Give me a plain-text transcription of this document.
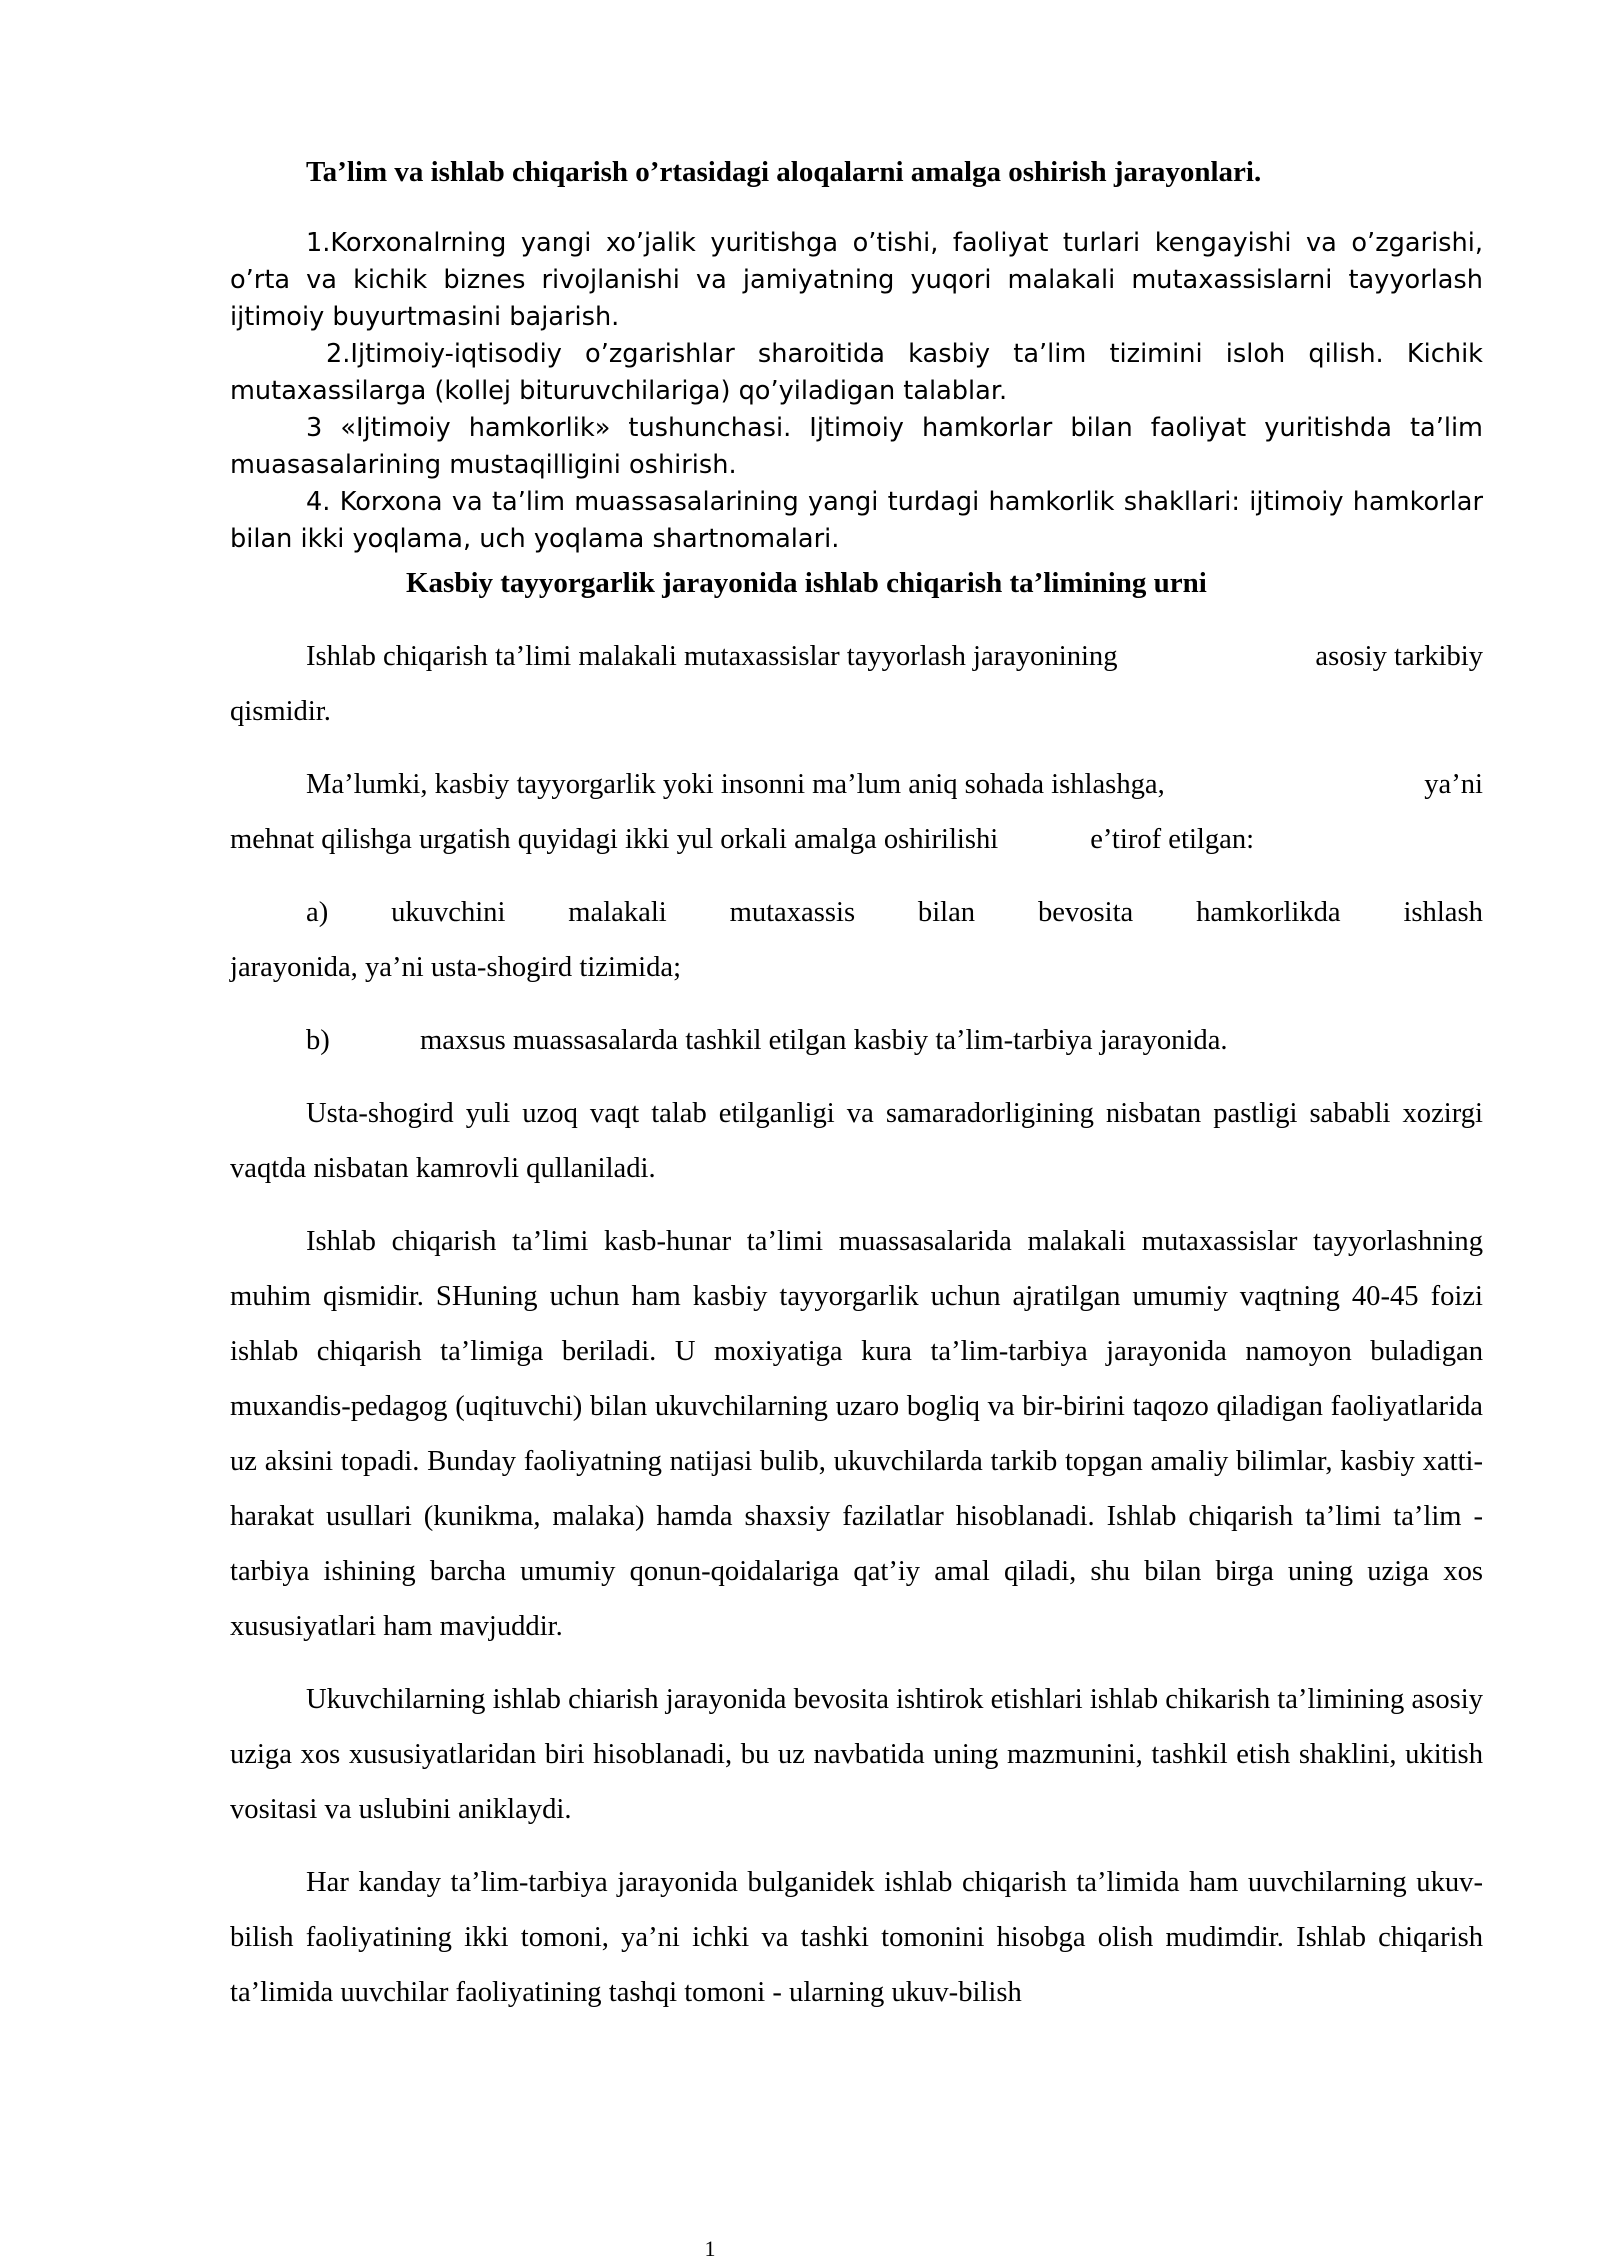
Ta’lim va ishlab chiqarish o’rtasidagi aloqalarni amalga oshirish jarayonlari.

1.Korxonalrning yangi xo’jalik yuritishga o’tishi, faoliyat turlari kengayishi va o’zgarishi, o’rta va kichik biznes rivojlanishi va jamiyatning yuqori malakali mutaxassislarni tayyorlash ijtimoiy buyurtmasini bajarish.

2.Ijtimoiy-iqtisodiy o’zgarishlar sharoitida kasbiy ta’lim tizimini isloh qilish. Kichik mutaxassilarga (kollej bituruvchilariga) qo’yiladigan talablar.

3 «Ijtimoiy hamkorlik» tushunchasi. Ijtimoiy hamkorlar bilan faoliyat yuritishda ta’lim muasasalarining mustaqilligini oshirish.

4. Korxona va ta’lim muassasalarining yangi turdagi hamkorlik shakllari: ijtimoiy hamkorlar bilan ikki yoqlama, uch yoqlama shartnomalari.

Kasbiy tayyorgarlik jarayonida ishlab chiqarish ta’limining urni

Ishlab chiqarish ta’limi malakali mutaxassislar tayyorlash jarayonining	asosiy tarkibiy
qismidir.
Ma’lumki, kasbiy tayyorgarlik yoki insonni ma’lum aniq sohada ishlashga,	ya’ni
mehnat qilishga urgatish quyidagi ikki yul orkali amalga oshirilishi	e’tirof etilgan:
a) ukuvchini malakali mutaxassis bilan bevosita hamkorlikda ishlash
jarayonida, ya’ni usta-shogird tizimida;
b)	maxsus muassasalarda tashkil etilgan kasbiy ta’lim-tarbiya jarayonida.

Usta-shogird yuli uzoq vaqt talab etilganligi va samaradorligining nisbatan pastligi sababli xozirgi vaqtda nisbatan kamrovli qullaniladi.

Ishlab chiqarish ta’limi kasb-hunar ta’limi muassasalarida malakali mutaxassislar tayyorlashning muhim qismidir. SHuning uchun ham kasbiy tayyorgarlik uchun ajratilgan umumiy vaqtning 40-45 foizi ishlab chiqarish ta’limiga beriladi. U moxiyatiga kura ta’lim-tarbiya jarayonida namoyon buladigan muxandis-pedagog (uqituvchi) bilan ukuvchilarning uzaro bogliq va bir-birini taqozo qiladigan faoliyatlarida uz aksini topadi. Bunday faoliyatning natijasi bulib, ukuvchilarda tarkib topgan amaliy bilimlar, kasbiy xatti-harakat usullari (kunikma, malaka) hamda shaxsiy fazilatlar hisoblanadi. Ishlab chiqarish ta’limi ta’lim - tarbiya ishining barcha umumiy qonun-qoidalariga qat’iy amal qiladi, shu bilan birga uning uziga xos xususiyatlari ham mavjuddir.

Ukuvchilarning ishlab chiarish jarayonida bevosita ishtirok etishlari ishlab chikarish ta’limining asosiy uziga xos xususiyatlaridan biri hisoblanadi, bu uz navbatida uning mazmunini, tashkil etish shaklini, ukitish vositasi va uslubini aniklaydi.

Har kanday ta’lim-tarbiya jarayonida bulganidek ishlab chiqarish ta’limida ham uuvchilarning ukuv-bilish faoliyatining ikki tomoni, ya’ni ichki va tashki tomonini hisobga olish mudimdir. Ishlab chiqarish ta’limida uuvchilar faoliyatining tashqi tomoni - ularning ukuv-bilish

1
